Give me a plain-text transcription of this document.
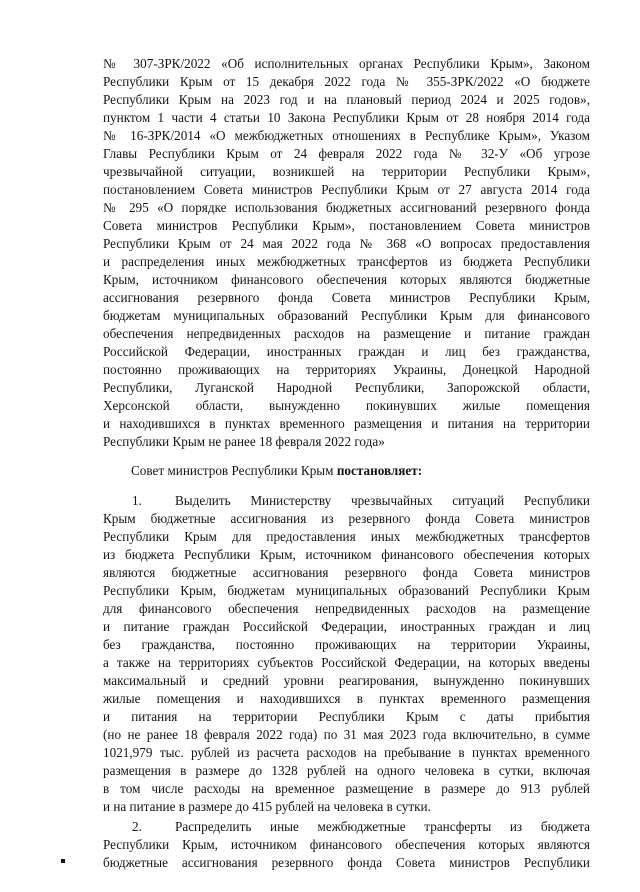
№ 307-ЗРК/2022 «Об исполнительных органах Республики Крым», Законом
Республики Крым от 15 декабря 2022 года № 355-ЗРК/2022 «О бюджете
Республики Крым на 2023 год и на плановый период 2024 и 2025 годов»,
пунктом 1 части 4 статьи 10 Закона Республики Крым от 28 ноября 2014 года
№ 16-ЗРК/2014 «О межбюджетных отношениях в Республике Крым», Указом
Главы Республики Крым от 24 февраля 2022 года № 32-У «Об угрозе
чрезвычайной ситуации, возникшей на территории Республики Крым»,
постановлением Совета министров Республики Крым от 27 августа 2014 года
№ 295 «О порядке использования бюджетных ассигнований резервного фонда
Совета министров Республики Крым», постановлением Совета министров
Республики Крым от 24 мая 2022 года № 368 «О вопросах предоставления
и распределения иных межбюджетных трансфертов из бюджета Республики
Крым, источником финансового обеспечения которых являются бюджетные
ассигнования резервного фонда Совета министров Республики Крым,
бюджетам муниципальных образований Республики Крым для финансового
обеспечения непредвиденных расходов на размещение и питание граждан
Российской Федерации, иностранных граждан и лиц без гражданства,
постоянно проживающих на территориях Украины, Донецкой Народной
Республики, Луганской Народной Республики, Запорожской области,
Херсонской области, вынужденно покинувших жилые помещения
и находившихся в пунктах временного размещения и питания на территории
Республики Крым не ранее 18 февраля 2022 года»
Совет министров Республики Крым постановляет:
1.	Выделить Министерству чрезвычайных ситуаций Республики
Крым бюджетные ассигнования из резервного фонда Совета министров
Республики Крым для предоставления иных межбюджетных трансфертов
из бюджета Республики Крым, источником финансового обеспечения которых
являются бюджетные ассигнования резервного фонда Совета министров
Республики Крым, бюджетам муниципальных образований Республики Крым
для финансового обеспечения непредвиденных расходов на размещение
и питание граждан Российской Федерации, иностранных граждан и лиц
без гражданства, постоянно проживающих на территории Украины,
а также на территориях субъектов Российской Федерации, на которых введены
максимальный и средний уровни реагирования, вынужденно покинувших
жилые помещения и находившихся в пунктах временного размещения
и питания на территории Республики Крым с даты прибытия
(но не ранее 18 февраля 2022 года) по 31 мая 2023 года включительно, в сумме
1021,979 тыс. рублей из расчета расходов на пребывание в пунктах временного
размещения в размере до 1328 рублей на одного человека в сутки, включая
в том числе расходы на временное размещение в размере до 913 рублей
и на питание в размере до 415 рублей на человека в сутки.
2.	Распределить иные межбюджетные трансферты из бюджета
Республики Крым, источником финансового обеспечения которых являются
бюджетные ассигнования резервного фонда Совета министров Республики
